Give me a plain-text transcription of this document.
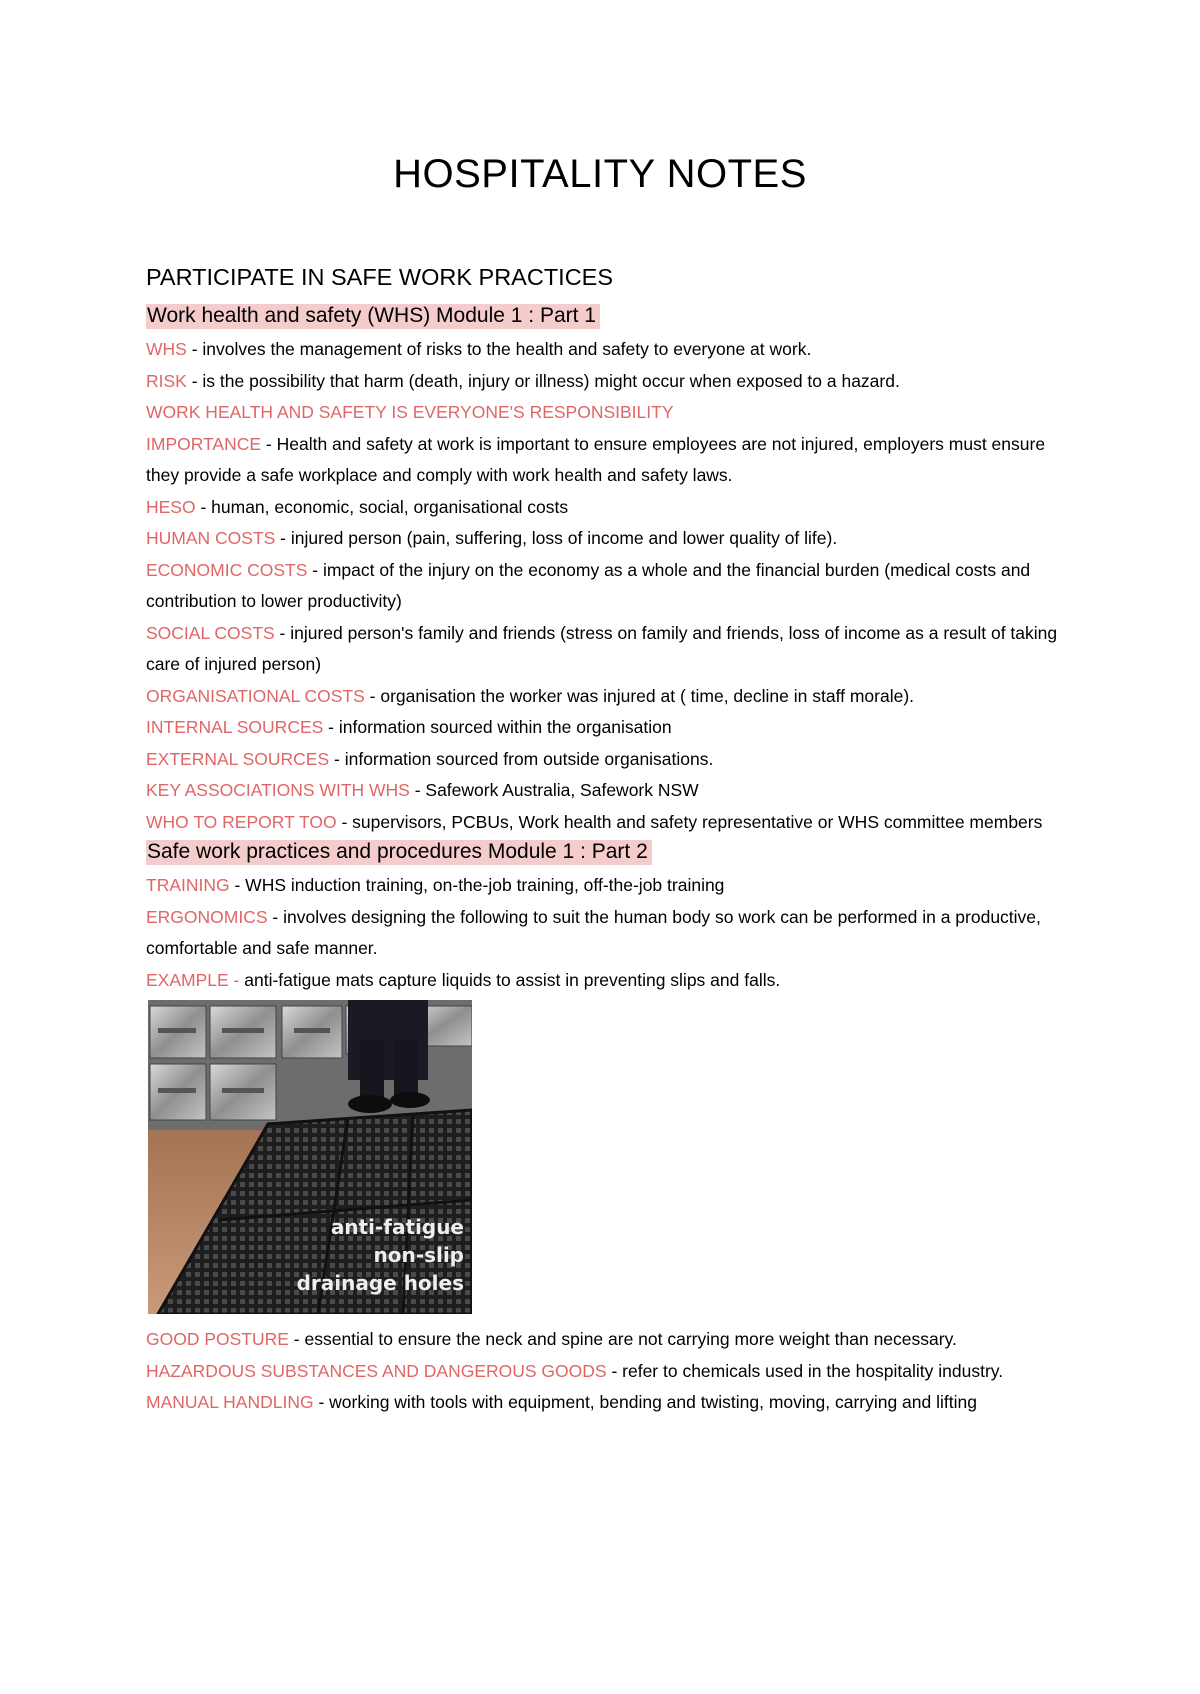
HOSPITALITY NOTES
PARTICIPATE IN SAFE WORK PRACTICES
Work health and safety (WHS) Module 1 : Part 1

WHS - involves the management of risks to the health and safety to everyone at work.

RISK - is the possibility that harm (death, injury or illness) might occur when exposed to a hazard.

WORK HEALTH AND SAFETY IS EVERYONE'S RESPONSIBILITY

IMPORTANCE - Health and safety at work is important to ensure employees are not injured, employers must ensure they provide a safe workplace and comply with work health and safety laws.

HESO - human, economic, social, organisational costs

HUMAN COSTS - injured person (pain, suffering, loss of income and lower quality of life).

ECONOMIC COSTS - impact of the injury on the economy as a whole and the financial burden (medical costs and contribution to lower productivity)

SOCIAL COSTS - injured person's family and friends (stress on family and friends, loss of income as a result of taking care of injured person)

ORGANISATIONAL COSTS - organisation the worker was injured at ( time, decline in staff morale).

INTERNAL SOURCES - information sourced within the organisation

EXTERNAL SOURCES - information sourced from outside organisations.

KEY ASSOCIATIONS WITH WHS - Safework Australia, Safework NSW

WHO TO REPORT TOO - supervisors, PCBUs, Work health and safety representative or WHS committee members

Safe work practices and procedures Module 1 : Part 2

TRAINING - WHS induction training, on-the-job training, off-the-job training

ERGONOMICS - involves designing the following to suit the human body so work can be performed in a productive, comfortable and safe manner.

EXAMPLE - anti-fatigue mats capture liquids to assist in preventing slips and falls.

anti-fatigue
non-slip
drainage holes

GOOD POSTURE - essential to ensure the neck and spine are not carrying more weight than necessary.

HAZARDOUS SUBSTANCES AND DANGEROUS GOODS - refer to chemicals used in the hospitality industry.

MANUAL HANDLING - working with tools with equipment, bending and twisting, moving, carrying and lifting
